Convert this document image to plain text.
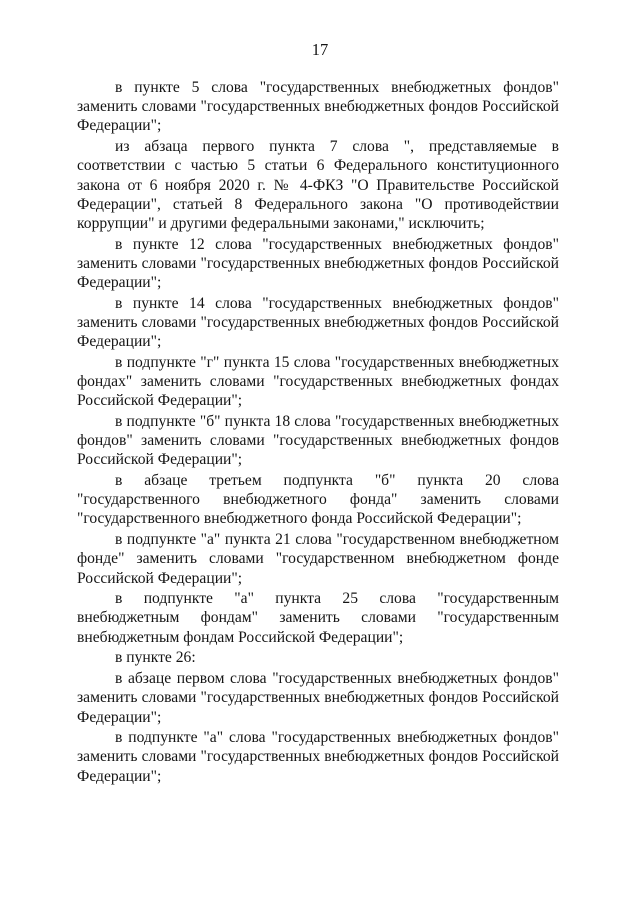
17

в пункте 5 слова "государственных внебюджетных фондов" заменить словами "государственных внебюджетных фондов Российской Федерации";

из абзаца первого пункта 7 слова ", представляемые в соответствии с частью 5 статьи 6 Федерального конституционного закона от 6 ноября 2020 г. № 4-ФКЗ "О Правительстве Российской Федерации", статьей 8 Федерального закона "О противодействии коррупции" и другими федеральными законами," исключить;

в пункте 12 слова "государственных внебюджетных фондов" заменить словами "государственных внебюджетных фондов Российской Федерации";

в пункте 14 слова "государственных внебюджетных фондов" заменить словами "государственных внебюджетных фондов Российской Федерации";

в подпункте "г" пункта 15 слова "государственных внебюджетных фондах" заменить словами "государственных внебюджетных фондах Российской Федерации";

в подпункте "б" пункта 18 слова "государственных внебюджетных фондов" заменить словами "государственных внебюджетных фондов Российской Федерации";

в абзаце третьем подпункта "б" пункта 20 слова "государственного внебюджетного фонда" заменить словами "государственного внебюджетного фонда Российской Федерации";

в подпункте "а" пункта 21 слова "государственном внебюджетном фонде" заменить словами "государственном внебюджетном фонде Российской Федерации";

в подпункте "а" пункта 25 слова "государственным внебюджетным фондам" заменить словами "государственным внебюджетным фондам Российской Федерации";

в пункте 26:

в абзаце первом слова "государственных внебюджетных фондов" заменить словами "государственных внебюджетных фондов Российской Федерации";

в подпункте "а" слова "государственных внебюджетных фондов" заменить словами "государственных внебюджетных фондов Российской Федерации";
